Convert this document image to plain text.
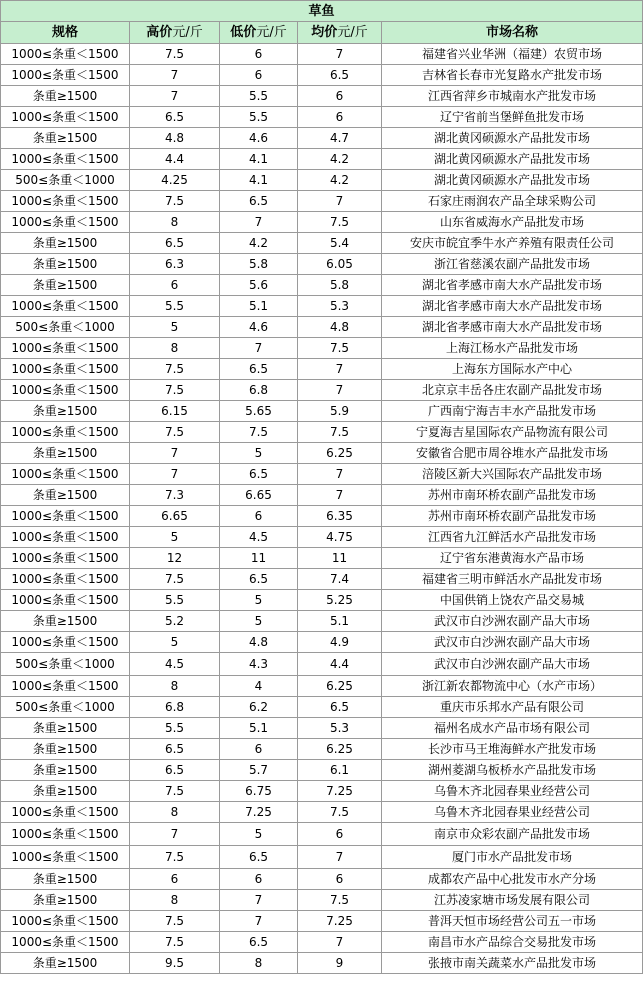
草鱼				
规格	高价元/斤	低价元/斤	均价元/斤	市场名称
1000≤条重＜1500	7.5	6	7	福建省兴业华洲（福建）农贸市场
1000≤条重＜1500	7	6	6.5	吉林省长春市光复路水产批发市场
条重≥1500	7	5.5	6	江西省萍乡市城南水产批发市场
1000≤条重＜1500	6.5	5.5	6	辽宁省前当堡鲜鱼批发市场
条重≥1500	4.8	4.6	4.7	湖北黄冈硕源水产品批发市场
1000≤条重＜1500	4.4	4.1	4.2	湖北黄冈硕源水产品批发市场
500≤条重＜1000	4.25	4.1	4.2	湖北黄冈硕源水产品批发市场
1000≤条重＜1500	7.5	6.5	7	石家庄雨润农产品全球采购公司
1000≤条重＜1500	8	7	7.5	山东省威海水产品批发市场
条重≥1500	6.5	4.2	5.4	安庆市皖宜季牛水产养殖有限责任公司
条重≥1500	6.3	5.8	6.05	浙江省慈溪农副产品批发市场
条重≥1500	6	5.6	5.8	湖北省孝感市南大水产品批发市场
1000≤条重＜1500	5.5	5.1	5.3	湖北省孝感市南大水产品批发市场
500≤条重＜1000	5	4.6	4.8	湖北省孝感市南大水产品批发市场
1000≤条重＜1500	8	7	7.5	上海江杨水产品批发市场
1000≤条重＜1500	7.5	6.5	7	上海东方国际水产中心
1000≤条重＜1500	7.5	6.8	7	北京京丰岳各庄农副产品批发市场
条重≥1500	6.15	5.65	5.9	广西南宁海吉丰水产品批发市场
1000≤条重＜1500	7.5	7.5	7.5	宁夏海吉星国际农产品物流有限公司
条重≥1500	7	5	6.25	安徽省合肥市周谷堆水产品批发市场
1000≤条重＜1500	7	6.5	7	涪陵区新大兴国际农产品批发市场
条重≥1500	7.3	6.65	7	苏州市南环桥农副产品批发市场
1000≤条重＜1500	6.65	6	6.35	苏州市南环桥农副产品批发市场
1000≤条重＜1500	5	4.5	4.75	江西省九江鲜活水产品批发市场
1000≤条重＜1500	12	11	11	辽宁省东港黄海水产品市场
1000≤条重＜1500	7.5	6.5	7.4	福建省三明市鲜活水产品批发市场
1000≤条重＜1500	5.5	5	5.25	中国供销上饶农产品交易城
条重≥1500	5.2	5	5.1	武汉市白沙洲农副产品大市场
1000≤条重＜1500	5	4.8	4.9	武汉市白沙洲农副产品大市场
500≤条重＜1000	4.5	4.3	4.4	武汉市白沙洲农副产品大市场
1000≤条重＜1500	8	4	6.25	浙江新农都物流中心（水产市场）
500≤条重＜1000	6.8	6.2	6.5	重庆市乐邦水产品有限公司
条重≥1500	5.5	5.1	5.3	福州名成水产品市场有限公司
条重≥1500	6.5	6	6.25	长沙市马王堆海鲜水产批发市场
条重≥1500	6.5	5.7	6.1	湖州菱湖乌板桥水产品批发市场
条重≥1500	7.5	6.75	7.25	乌鲁木齐北园春果业经营公司
1000≤条重＜1500	8	7.25	7.5	乌鲁木齐北园春果业经营公司
1000≤条重＜1500	7	5	6	南京市众彩农副产品批发市场
1000≤条重＜1500	7.5	6.5	7	厦门市水产品批发市场
条重≥1500	6	6	6	成都农产品中心批发市水产分场
条重≥1500	8	7	7.5	江苏凌家塘市场发展有限公司
1000≤条重＜1500	7.5	7	7.25	普洱天恒市场经营公司五一市场
1000≤条重＜1500	7.5	6.5	7	南昌市水产品综合交易批发市场
条重≥1500	9.5	8	9	张掖市南关蔬菜水产品批发市场
